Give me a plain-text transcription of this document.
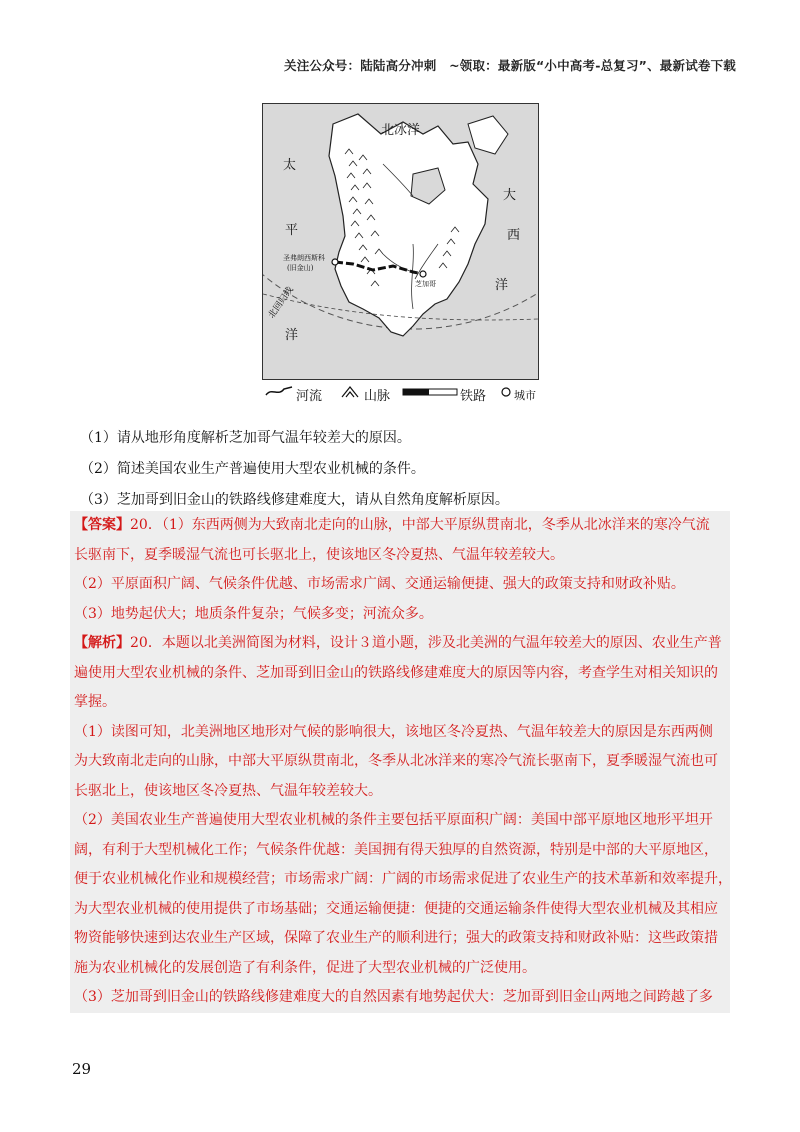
关注公众号：陆陆高分冲刺　~领取：最新版“小中高考-总复习”、最新试卷下载
北冰洋
太
平
洋
大
西
洋
北回归线
圣弗朗西斯科
(旧金山)
芝加哥
河流	山脉	铁路	城市
（1）请从地形角度解析芝加哥气温年较差大的原因。
（2）简述美国农业生产普遍使用大型农业机械的条件。
（3）芝加哥到旧金山的铁路线修建难度大，请从自然角度解析原因。

【答案】20．（1）东西两侧为大致南北走向的山脉，中部大平原纵贯南北，冬季从北冰洋来的寒冷气流

长驱南下，夏季暖湿气流也可长驱北上，使该地区冬冷夏热、气温年较差较大。

（2）平原面积广阔、气候条件优越、市场需求广阔、交通运输便捷、强大的政策支持和财政补贴。

（3）地势起伏大；地质条件复杂；气候多变；河流众多。

【解析】20．本题以北美洲简图为材料，设计３道小题，涉及北美洲的气温年较差大的原因、农业生产普

遍使用大型农业机械的条件、芝加哥到旧金山的铁路线修建难度大的原因等内容，考查学生对相关知识的

掌握。

（1）读图可知，北美洲地区地形对气候的影响很大，该地区冬冷夏热、气温年较差大的原因是东西两侧

为大致南北走向的山脉，中部大平原纵贯南北，冬季从北冰洋来的寒冷气流长驱南下，夏季暖湿气流也可

长驱北上，使该地区冬冷夏热、气温年较差较大。

（2）美国农业生产普遍使用大型农业机械的条件主要包括平原面积广阔：美国中部平原地区地形平坦开

阔，有利于大型机械化工作；气候条件优越：美国拥有得天独厚的自然资源，特别是中部的大平原地区，

便于农业机械化作业和规模经营；市场需求广阔：广阔的市场需求促进了农业生产的技术革新和效率提升，

为大型农业机械的使用提供了市场基础；交通运输便捷：便捷的交通运输条件使得大型农业机械及其相应

物资能够快速到达农业生产区域，保障了农业生产的顺利进行；强大的政策支持和财政补贴：这些政策措

施为农业机械化的发展创造了有利条件，促进了大型农业机械的广泛使用。

（3）芝加哥到旧金山的铁路线修建难度大的自然因素有地势起伏大：芝加哥到旧金山两地之间跨越了多

29
